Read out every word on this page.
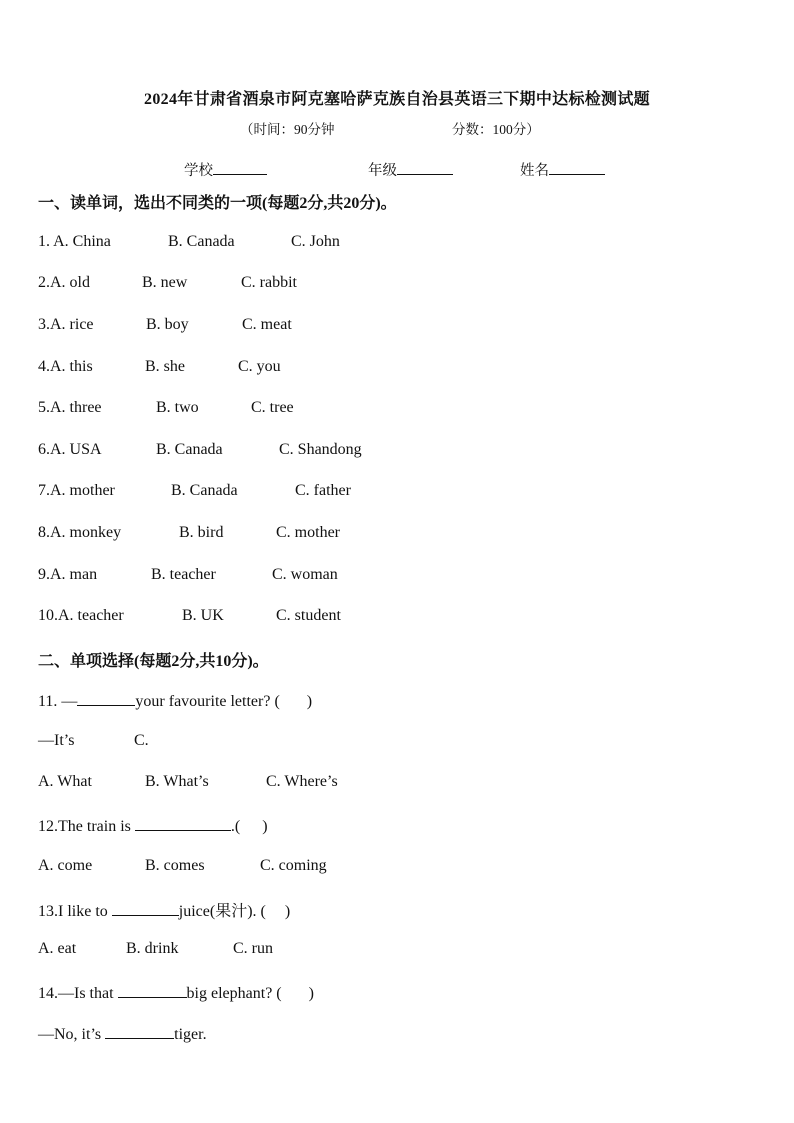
2024年甘肃省酒泉市阿克塞哈萨克族自治县英语三下期中达标检测试题
（时间：90分钟	分数：100分）
学校	年级	姓名
一、读单词，选出不同类的一项(每题2分,共20分)。
1. A. China	B. Canada	C. John
2.A. old	B. new	C. rabbit
3.A. rice	B. boy	C. meat
4.A. this	B. she	C. you
5.A. three	B. two	C. tree
6.A. USA	B. Canada	C. Shandong
7.A. mother	B. Canada	C. father
8.A. monkey	B. bird	C. mother
9.A. man	B. teacher	C. woman
10.A. teacher	B. UK	C. student
二、单项选择(每题2分,共10分)。
11. —	your favourite letter? ( )
—It’s	C.
A. What	B. What’s	C. Where’s
12.The train is	.( )
A. come	B. comes	C. coming
13.I like to	juice(果汁). ( )
A. eat	B. drink	C. run
14.—Is that	big elephant? ( )
—No, it’s	tiger.
